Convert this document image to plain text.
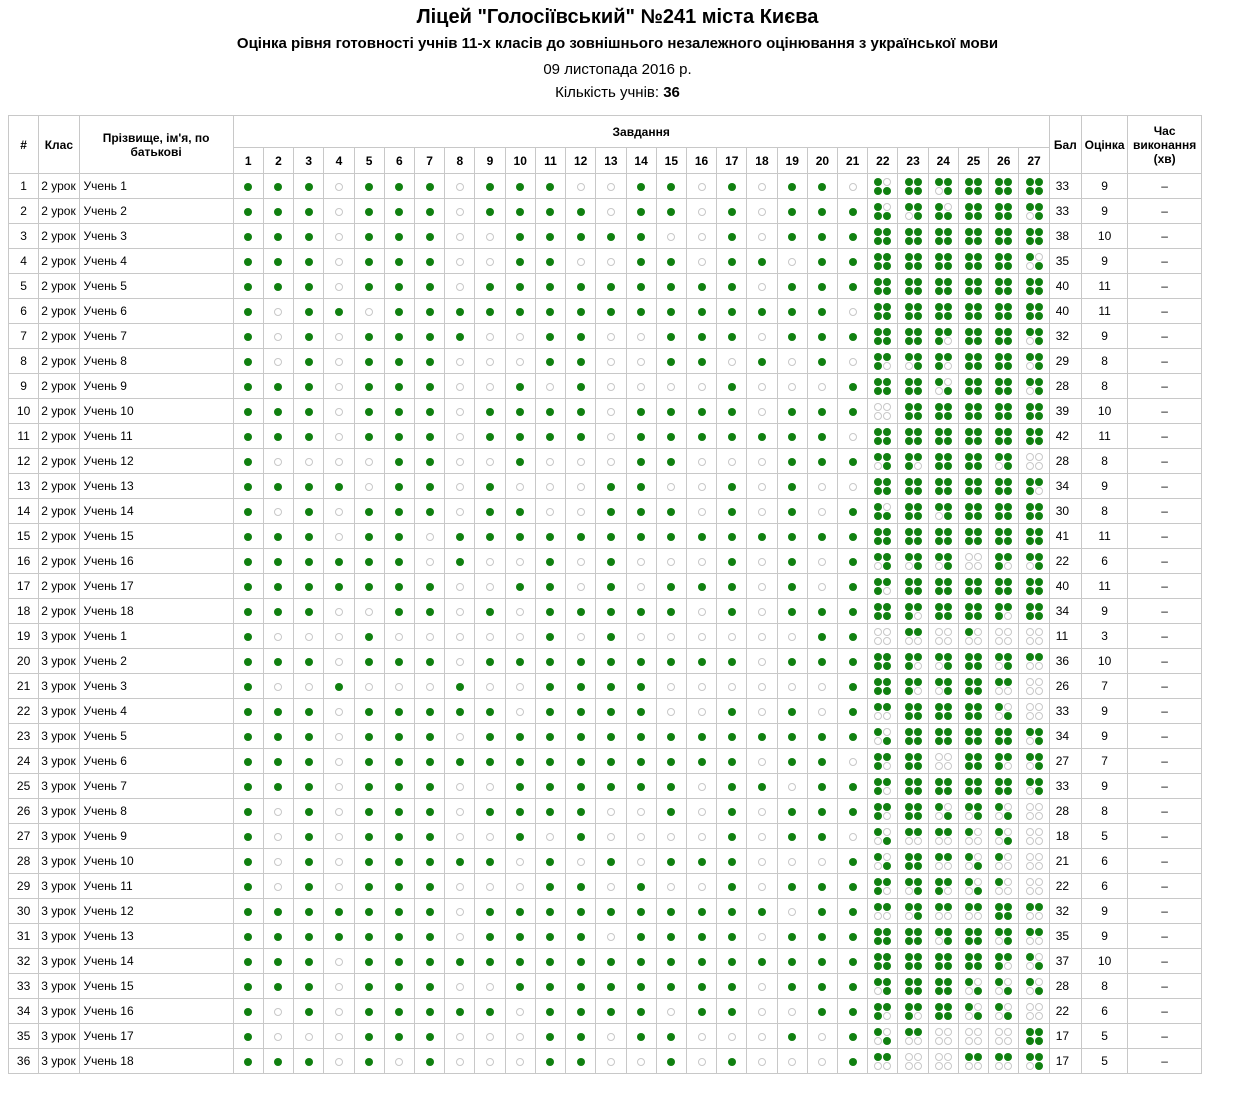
Ліцей "Голосіївський" №241 міста Києва
Оцінка рівня готовності учнів 11-х класів до зовнішнього незалежного оцінювання з української мови
09 листопада 2016 р.
Кількість учнів: 36
#	Клас	Прізвище, ім'я, по батькові	Завдання																											Бал	Оцінка	Час виконання (хв)
			1	2	3	4	5	6	7	8	9	10	11	12	13	14	15	16	17	18	19	20	21	22	23	24	25	26	27			
1	2 урок	Учень 1																												33	9	–
2	2 урок	Учень 2																												33	9	–
3	2 урок	Учень 3																												38	10	–
4	2 урок	Учень 4																												35	9	–
5	2 урок	Учень 5																												40	11	–
6	2 урок	Учень 6																												40	11	–
7	2 урок	Учень 7																												32	9	–
8	2 урок	Учень 8																												29	8	–
9	2 урок	Учень 9																												28	8	–
10	2 урок	Учень 10																												39	10	–
11	2 урок	Учень 11																												42	11	–
12	2 урок	Учень 12																												28	8	–
13	2 урок	Учень 13																												34	9	–
14	2 урок	Учень 14																												30	8	–
15	2 урок	Учень 15																												41	11	–
16	2 урок	Учень 16																												22	6	–
17	2 урок	Учень 17																												40	11	–
18	2 урок	Учень 18																												34	9	–
19	3 урок	Учень 1																												11	3	–
20	3 урок	Учень 2																												36	10	–
21	3 урок	Учень 3																												26	7	–
22	3 урок	Учень 4																												33	9	–
23	3 урок	Учень 5																												34	9	–
24	3 урок	Учень 6																												27	7	–
25	3 урок	Учень 7																												33	9	–
26	3 урок	Учень 8																												28	8	–
27	3 урок	Учень 9																												18	5	–
28	3 урок	Учень 10																												21	6	–
29	3 урок	Учень 11																												22	6	–
30	3 урок	Учень 12																												32	9	–
31	3 урок	Учень 13																												35	9	–
32	3 урок	Учень 14																												37	10	–
33	3 урок	Учень 15																												28	8	–
34	3 урок	Учень 16																												22	6	–
35	3 урок	Учень 17																												17	5	–
36	3 урок	Учень 18																												17	5	–
